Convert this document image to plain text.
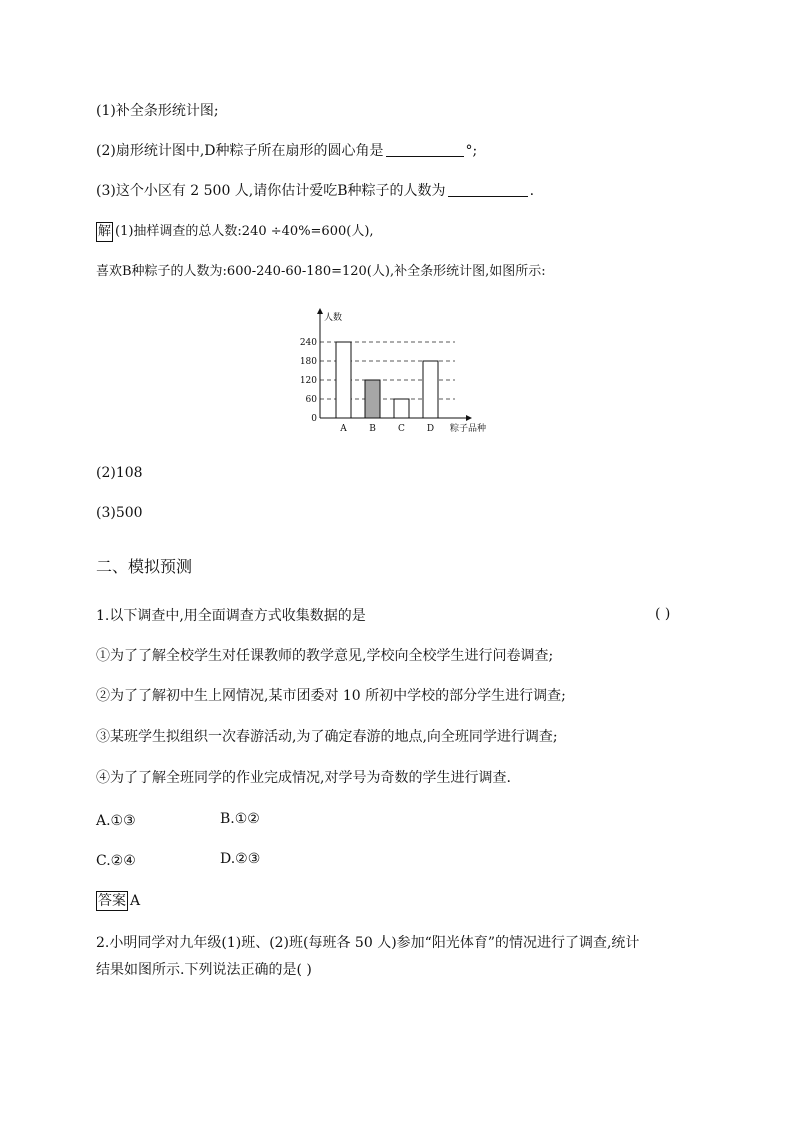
(1)补全条形统计图;
(2)扇形统计图中,D种粽子所在扇形的圆心角是	°;
(3)这个小区有 2 500 人,请你估计爱吃B种粽子的人数为	.
解 (1)抽样调查的总人数:240 ÷40%=600(人),
喜欢B种粽子的人数为:600-240-60-180=120(人),补全条形统计图,如图所示:
0
60
120
180
240
A B C D
人数
粽子品种
(2)108
(3)500
二、模拟预测
1.以下调查中,用全面调查方式收集数据的是	( )
①为了了解全校学生对任课教师的教学意见,学校向全校学生进行问卷调查;
②为了了解初中生上网情况,某市团委对 10 所初中学校的部分学生进行调查;
③某班学生拟组织一次春游活动,为了确定春游的地点,向全班同学进行调查;
④为了了解全班同学的作业完成情况,对学号为奇数的学生进行调查.
A.①③	B.①②
C.②④	D.②③
答案 A
2.小明同学对九年级(1)班、(2)班(每班各 50 人)参加“阳光体育”的情况进行了调查,统计
结果如图所示.下列说法正确的是( )
